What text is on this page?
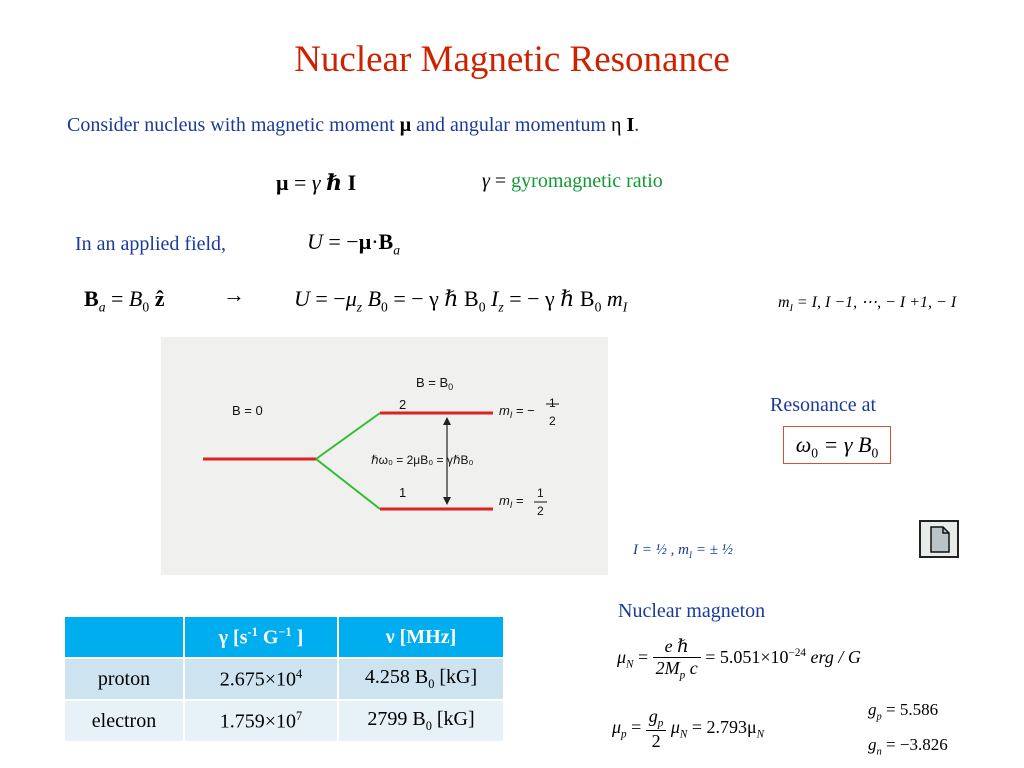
Nuclear Magnetic Resonance
Consider nucleus with magnetic moment μ and angular momentum η I.
μ = γ ℏ I	γ = gyromagnetic ratio
In an applied field,	$U = -\mu\cdot B_a$
$B_a = B_0$ ẑ	→ $U = -\mu_z$ $B_0$ = − γ ℏ $B_0$ $I_z$ = − γ ℏ $B_0$ $m_I$	$m_I = I$, I −1, ⋯, − I +1, − I
B = 0
$B = B_0$
2
1
ℏω₀ = 2μB₀ = γℏB₀
$m_I$ = − 1
2
$m_I = 1$
2
Resonance at
$\omega_0 = \gamma$ $B_0$
I = ½ , $m_I$ = ± ½
Nuclear magneton
$\mu_N = \frac{\text{e ℏ}}{2M_p c} = 5.051\times 10^{-24}$ erg / G
$\mu_p = \frac{g_p}{2} \mu_N = 2.793\mu_N$
$g_p = 5.586$
$g_n = -3.826$
	γ [$s^{-1}$ $G^{-1}$ ]	ν [MHz]
proton	$2.675\times 10^4$	4.258 $B_0$ [kG]
electron	$1.759\times 10^7$	2799 $B_0$ [kG]
